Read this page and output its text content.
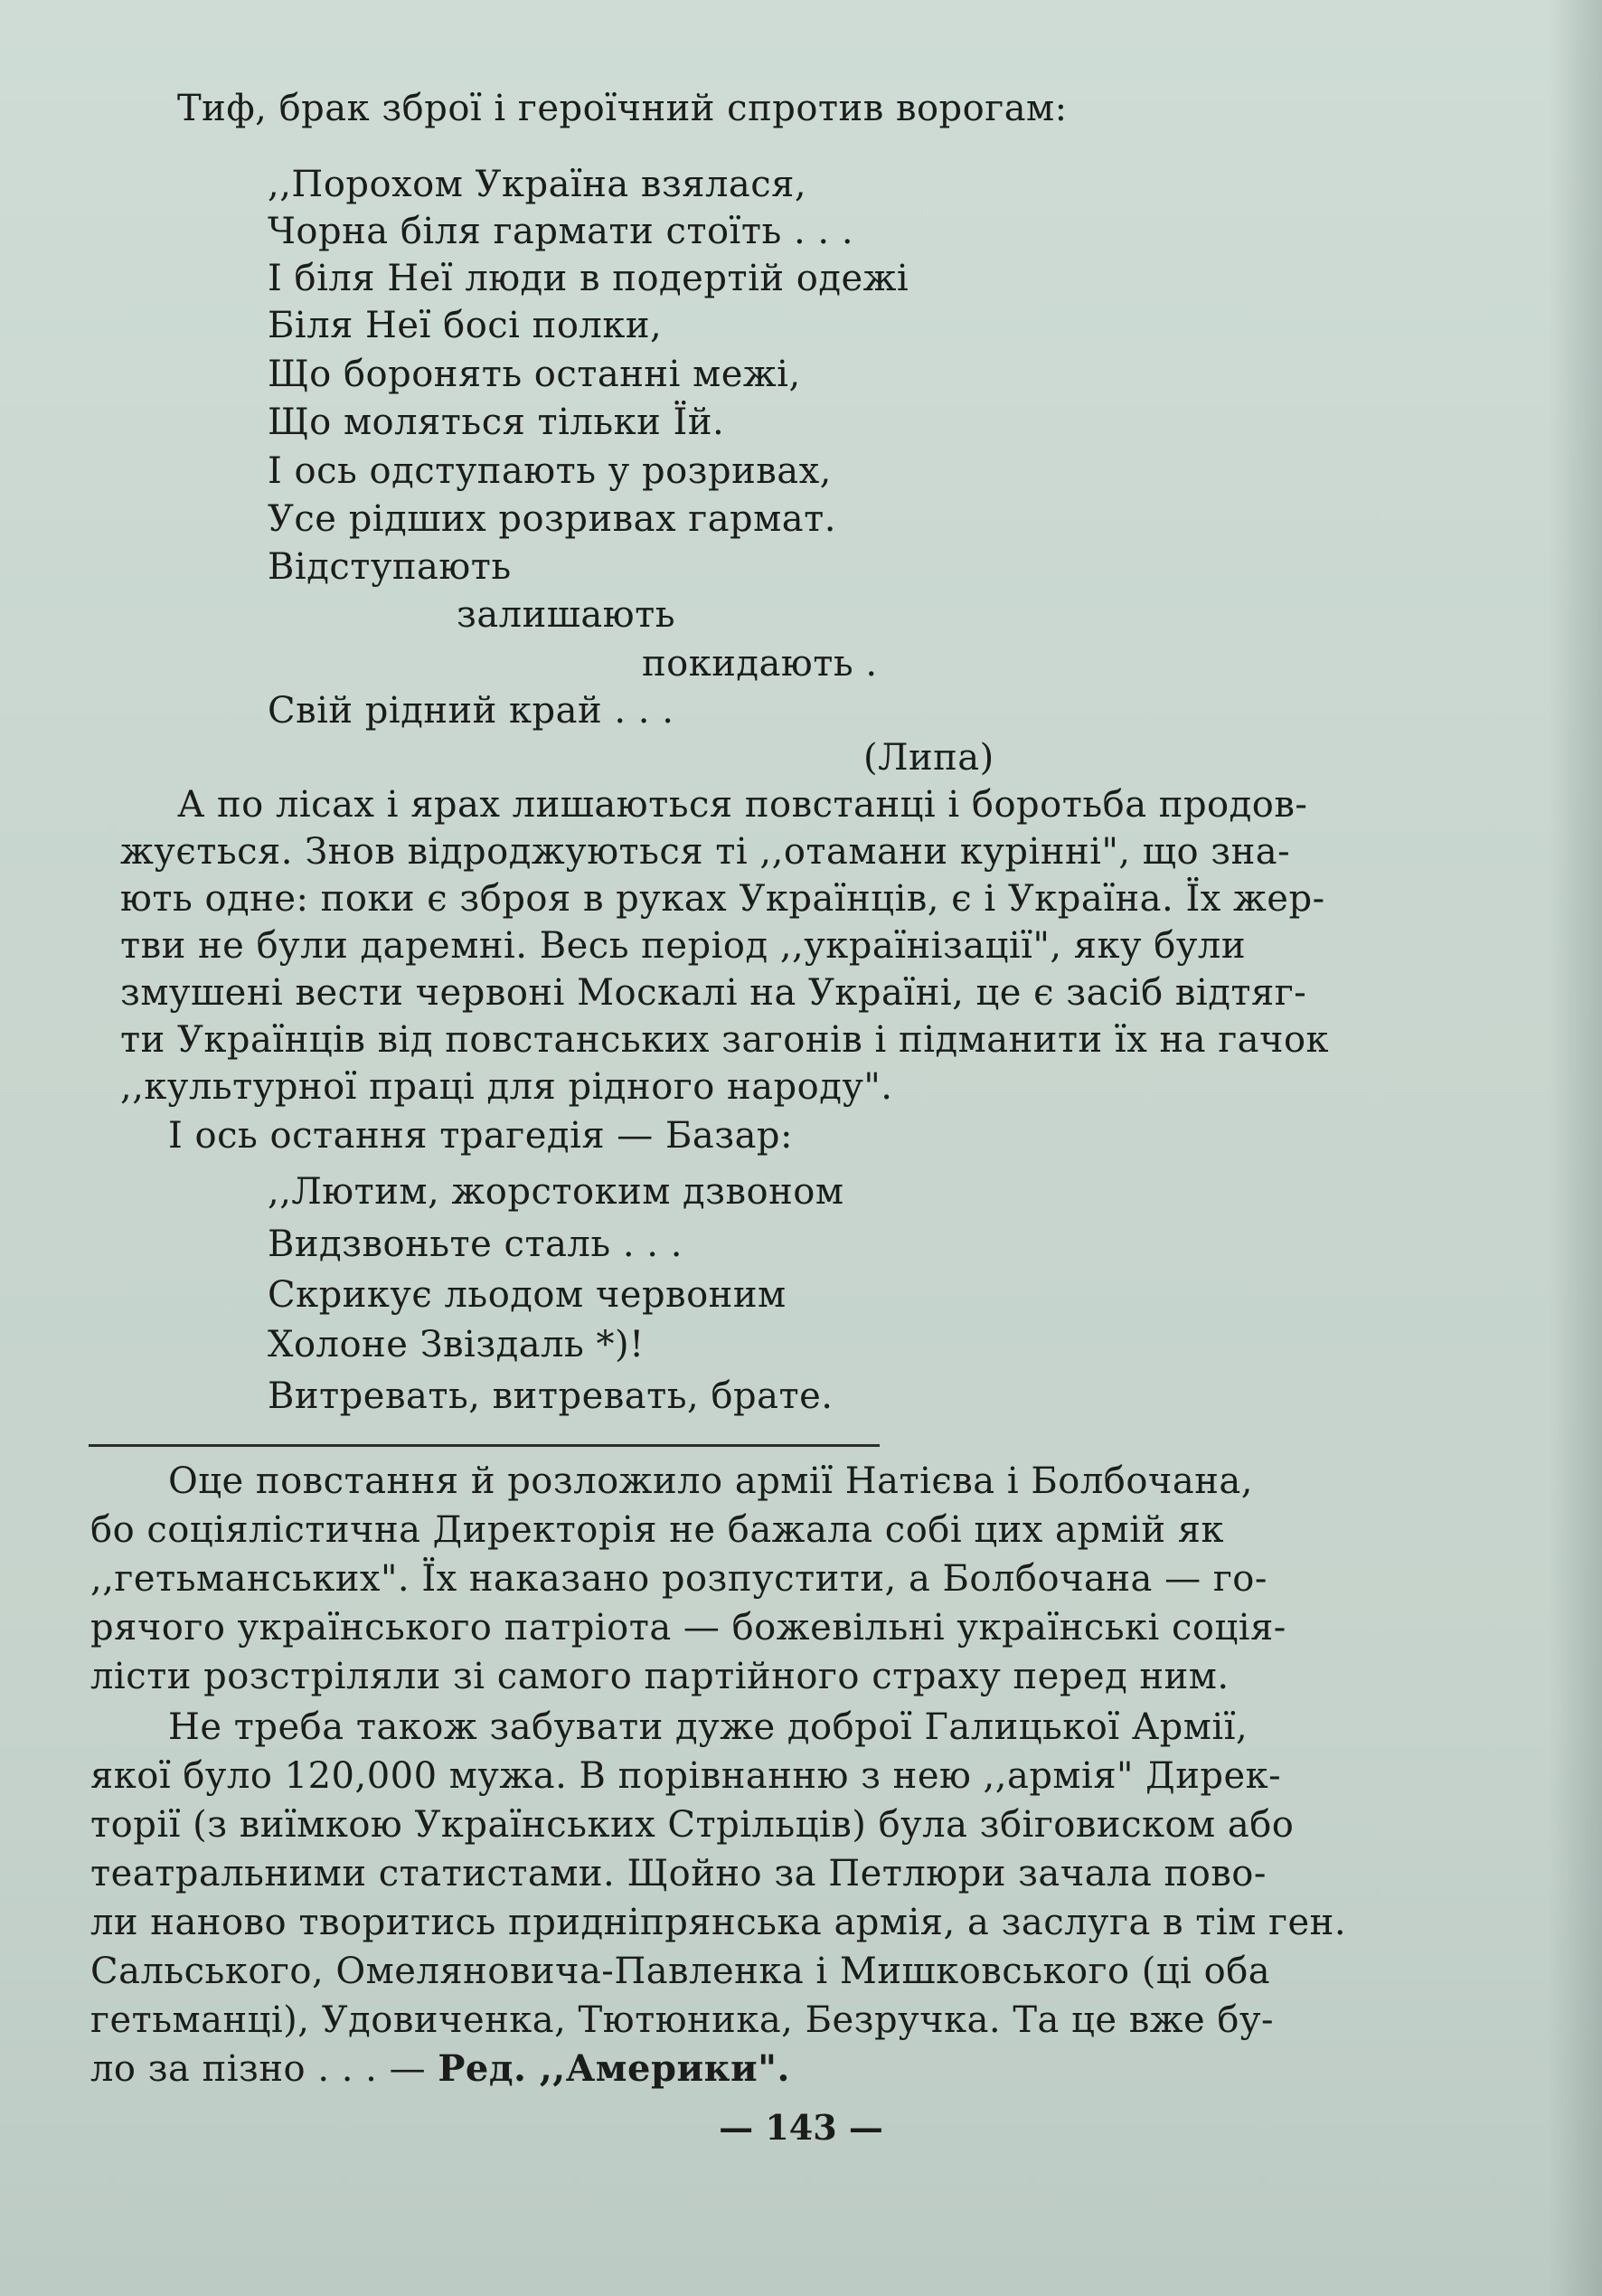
Тиф, брак зброї і героїчний спротив ворогам:
,,Порохом Україна взялася,
Чорна біля гармати стоїть . . .
І біля Неї люди в подертій одежі
Біля Неї босі полки,
Що боронять останні межі,
Що моляться тільки Їй.
І ось одступають у розривах,
Усе рідших розривах гармат.
Відступають
залишають
покидають .
Свій рідний край . . .
(Липа)
А по лісах і ярах лишаються повстанці і боротьба продов-
жується. Знов відроджуються ті ,,отамани курінні", що зна-
ють одне: поки є зброя в руках Українців, є і Україна. Їх жер-
тви не були даремні. Весь період ,,українізації", яку були
змушені вести червоні Москалі на Україні, це є засіб відтяг-
ти Українців від повстанських загонів і підманити їх на гачок
,,культурної праці для рідного народу".
І ось остання трагедія — Базар:
,,Лютим, жорстоким дзвоном
Видзвоньте сталь . . .
Скрикує льодом червоним
Холоне Звіздаль *)!
Витревать, витревать, брате.
Оце повстання й розложило армії Натієва і Болбочана,
бо соціялістична Директорія не бажала собі цих армій як
,,гетьманських". Їх наказано розпустити, а Болбочана — го-
рячого українського патріота — божевільні українські соція-
лісти розстріляли зі самого партійного страху перед ним.
Не треба також забувати дуже доброї Галицької Армії,
якої було 120,000 мужа. В порівнанню з нею ,,армія" Дирек-
торії (з виїмкою Українських Стрільців) була збіговиском або
театральними статистами. Щойно за Петлюри зачала пово-
ли наново творитись придніпрянська армія, а заслуга в тім ген.
Сальського, Омеляновича-Павленка і Мишковського (ці оба
гетьманці), Удовиченка, Тютюника, Безручка. Та це вже бу-
ло за пізно . . . — Ред. ,,Америки".
— 143 —
